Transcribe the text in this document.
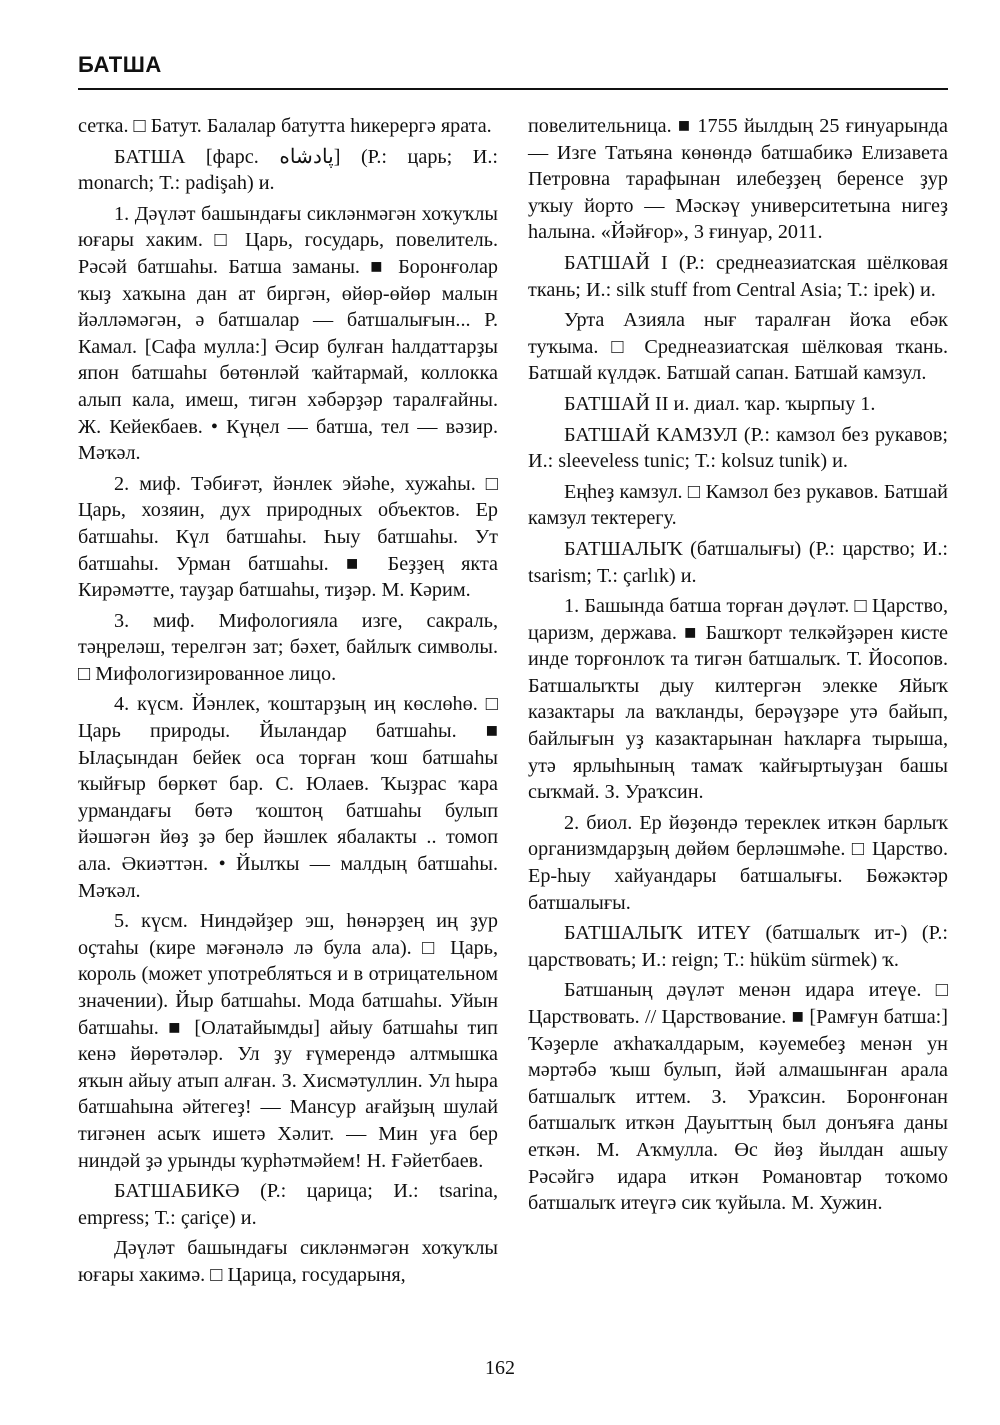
БАТША

сетка. □ Батут. Балалар батутта һикерергә ярата.

БАТША [фарс. پادشاه] (Р.: царь; И.: monarch; Т.: padişah) и.

1. Дәүләт башындағы сикләнмәгән хоҡуҡлы юғары хаким. □ Царь, государь, повелитель. Рәсәй батшаһы. Батша заманы. ■ Боронғолар ҡыҙ хаҡына дан ат биргән, өйөр-өйөр малын йәлләмәгән, ә батшалар — батшалығын... Р. Камал. [Сафа мулла:] Әсир булған һалдаттарҙы япон батшаһы бөтөнләй ҡайтармай, коллокка алып кала, имеш, тигән хәбәрҙәр таралғайны. Ж. Кейекбаев. • Күңел — батша, тел — вәзир. Мәҡәл.

2. миф. Тәбиғәт, йәнлек эйәһе, хужаһы. □ Царь, хозяин, дух природных объектов. Ер батшаһы. Күл батшаһы. Һыу батшаһы. Ут батшаһы. Урман батшаһы. ■ Беҙҙең якта Кирәмәтте, тауҙар батшаһы, тиҙәр. М. Кәрим.

3. миф. Мифологияла изге, сакраль, тәңреләш, терелгән зат; бәхет, байлыҡ символы. □ Мифологизированное лицо.

4. күсм. Йәнлек, ҡоштарҙың иң көслөһө. □ Царь природы. Йыландар батшаһы. ■ Ылаҫындан бейек оса торған ҡош батшаһы ҡыйғыр бөркөт бар. С. Юлаев. Ҡыҙрас ҡара урмандағы бөтә ҡоштоң батшаһы булып йәшәгән йөҙ ҙә бер йәшлек ябалакты .. томоп ала. Әкиәттән. • Йылҡы — малдың батшаһы. Мәҡәл.

5. күсм. Ниндәйҙер эш, һөнәрҙең иң ҙур оҫтаһы (кире мәғәнәлә лә була ала). □ Царь, король (может употребляться и в отрицательном значении). Йыр батшаһы. Мода батшаһы. Уйын батшаһы. ■ [Олатайымды] айыу батшаһы тип кенә йөрөтәләр. Ул ҙу ғүмерендә алтмышка яҡын айыу атып алған. З. Хисмәтуллин. Ул һыра батшаһына әйтегеҙ! — Мансур ағайҙың шулай тигәнен асыҡ ишетә Хәлит. — Мин уға бер ниндәй ҙә урынды ҡурһәтмәйем! Н. Ғәйетбаев.

БАТШАБИКӘ (Р.: царица; И.: tsarina, empress; Т.: çariçe) и.

Дәүләт башындағы сикләнмәгән хоҡуҡлы юғары хакимә. □ Царица, государыня,

повелительница. ■ 1755 йылдың 25 ғинуарында — Изге Татьяна көнөндә батшабикә Елизавета Петровна тарафынан илебеҙҙең беренсе ҙур уҡыу йорто — Мәскәү университетына нигеҙ һалына. «Йәйғор», 3 ғинуар, 2011.

БАТШАЙ I (Р.: среднеазиатская шёлковая ткань; И.: silk stuff from Central Asia; Т.: ipek) и.

Урта Азияла нығ таралған йоҡа ебәк туҡыма. □ Среднеазиатская шёлковая ткань. Батшай күлдәк. Батшай сапан. Батшай камзул.

БАТШАЙ II и. диал. ҡар. ҡырпыу 1.

БАТШАЙ КАМЗУЛ (Р.: камзол без рукавов; И.: sleeveless tunic; Т.: kolsuz tunik) и.

Еңһеҙ камзул. □ Камзол без рукавов. Батшай камзул тектерегу.

БАТШАЛЫҠ (батшалығы) (Р.: царство; И.: tsarism; Т.: çarlık) и.

1. Башында батша торған дәүләт. □ Царство, царизм, держава. ■ Башҡорт телкәйҙәрен кисте инде торғонлоҡ та тигән батшалыҡ. Т. Йосопов. Батшалыҡты дыу килтергән элекке Яйыҡ казактары ла ваҡланды, берәүҙәре утә байып, байлығын уҙ казактарынан һаҡларға тырыша, утә ярлыһының тамаҡ ҡайғыртыуҙан башы сыҡмай. З. Ураҡсин.

2. биол. Ер йөҙөндә тереклек иткән барлыҡ организмдарҙың дөйөм берләшмәһе. □ Царство. Ер-һыу хайуандары батшалығы. Бөжәктәр батшалығы.

БАТШАЛЫҠ ИТЕҮ (батшалыҡ ит-) (Р.: царствовать; И.: reign; Т.: hüküm sürmek) ҡ.

Батшаның дәүләт менән идара итеүе. □ Царствовать. // Царствование. ■ [Рамғун батша:] Ҡәҙерле аҡһаҡалдарым, кәуемебеҙ менән ун мәртәбә ҡыш булып, йәй алмашынған арала батшалыҡ иттем. З. Ураҡсин. Боронғонан батшалыҡ иткән Дауыттың был донъяға даны еткән. М. Аҡмулла. Өс йөҙ йылдан ашыу Рәсәйгә идара иткән Романовтар тоҡомо батшалыҡ итеүгә сик ҡуйыла. М. Хужин.

162
